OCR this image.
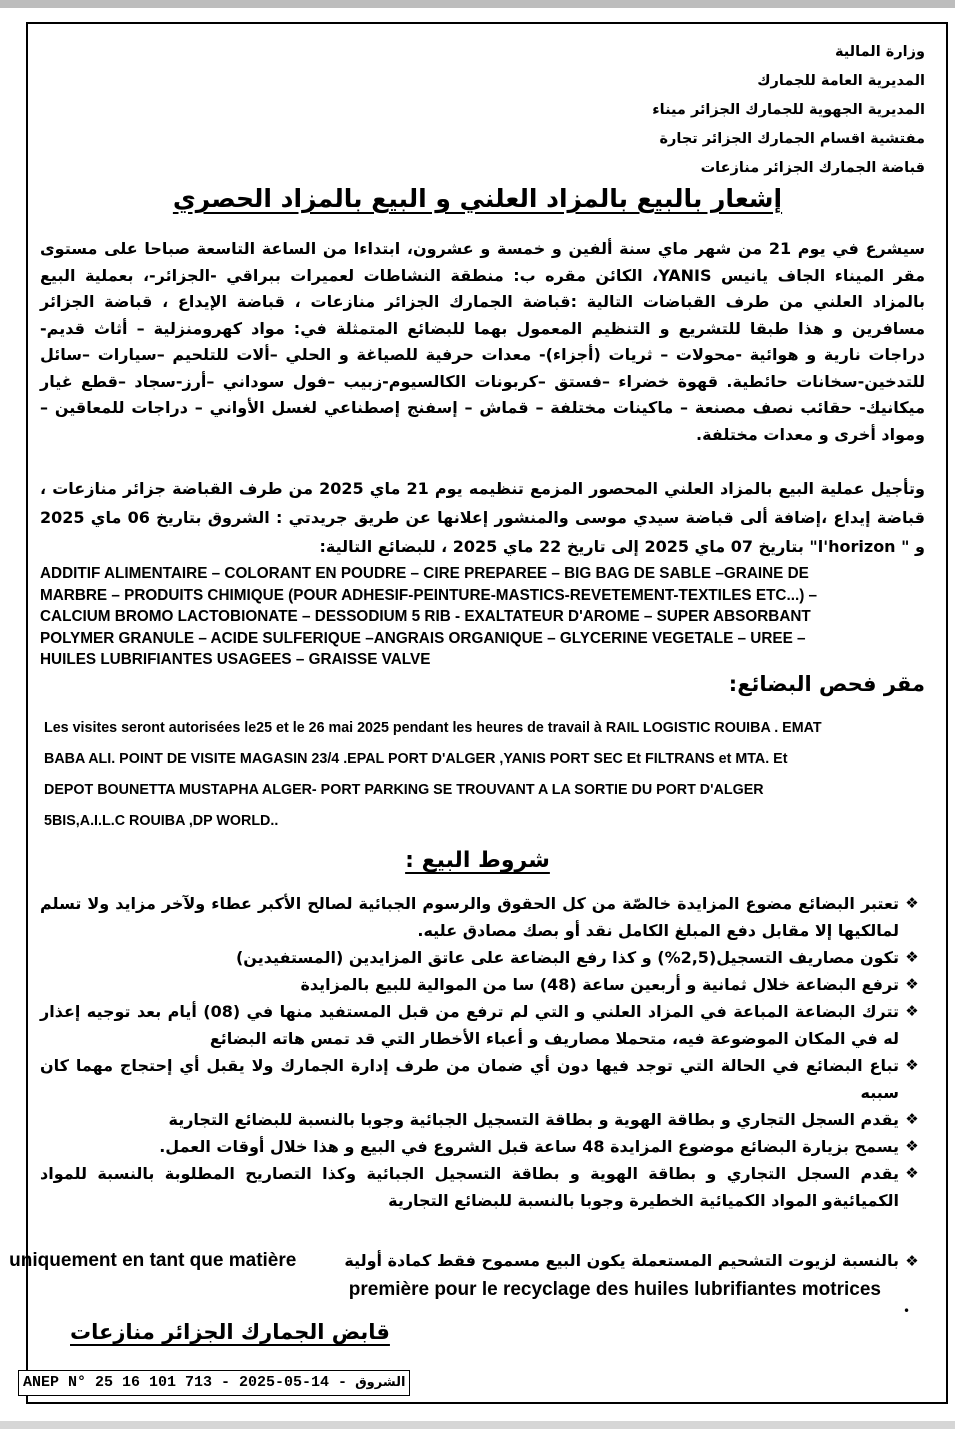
وزارة المالية
المديرية العامة للجمارك
المديرية الجهوية للجمارك الجزائر ميناء
مفتشية اقسام الجمارك الجزائر تجارة
قباضة الجمارك الجزائر منازعات
إشعار بالبيع بالمزاد العلني و البيع بالمزاد الحصري
سيشرع في يوم 21 من شهر ماي سنة ألفين و خمسة و عشرون، ابتداءا من الساعة التاسعة صباحا على مستوى مقر الميناء الجاف يانيس YANIS، الكائن مقره ب: منطقة النشاطات لعميرات ببراقي -الجزائر-، بعملية البيع بالمزاد العلني من طرف القباضات التالية :قباضة الجمارك الجزائر منازعات ، قباضة الإيداع ، قباضة الجزائر مسافرين و هذا طبقا للتشريع و التنظيم المعمول بهما للبضائع المتمثلة في: مواد كهرومنزلية – أثاث قديم- دراجات نارية و هوائية -محولات – ثريات (أجزاء)- معدات حرفية للصياغة و الحلي –ألات للتلحيم –سيارات –سائل للتدخين-سخانات حائطية. قهوة خضراء –فستق –كربونات الكالسيوم-زبيب –فول سوداني –أرز-سجاد –قطع غيار ميكانيك- حقائب نصف مصنعة – ماكينات مختلفة – قماش – إسفنج إصطناعي لغسل الأواني – دراجات للمعاقين – ومواد أخرى و معدات مختلفة.
وتأجيل عملية البيع بالمزاد العلني المحصور المزمع تنظيمه يوم 21 ماي 2025 من طرف القباضة جزائر منازعات ، قباضة إيداع ،إضافة ألى قباضة سيدي موسى والمنشور إعلانها عن طريق جريدتي : الشروق بتاريخ 06 ماي 2025 و " l'horizon" بتاريخ 07 ماي 2025 إلى تاريخ 22 ماي 2025 ، للبضائع التالية:
ADDITIF ALIMENTAIRE – COLORANT EN POUDRE – CIRE PREPAREE – BIG BAG DE SABLE –GRAINE DE
MARBRE – PRODUITS CHIMIQUE (POUR ADHESIF-PEINTURE-MASTICS-REVETEMENT-TEXTILES ETC...) –
CALCIUM BROMO LACTOBIONATE – DESSODIUM 5 RIB - EXALTATEUR D'AROME – SUPER ABSORBANT
POLYMER GRANULE – ACIDE SULFERIQUE –ANGRAIS ORGANIQUE – GLYCERINE VEGETALE – UREE –
HUILES LUBRIFIANTES USAGEES – GRAISSE VALVE
مقر فحص البضائع:
Les visites seront autorisées le25 et le 26 mai 2025 pendant les heures de travail à RAIL LOGISTIC ROUIBA . EMAT
BABA ALI. POINT DE VISITE MAGASIN 23/4 .EPAL PORT D'ALGER ,YANIS PORT SEC Et FILTRANS et MTA. Et
DEPOT BOUNETTA MUSTAPHA ALGER- PORT PARKING SE TROUVANT A LA SORTIE DU PORT D'ALGER
5BIS,A.I.L.C ROUIBA ,DP WORLD..
شروط البيع :
❖
تعتبر البضائع مضوع المزايدة خالصّة من كل الحقوق والرسوم الجبائية لصالح الأكبر عطاء ولآخر مزايد ولا تسلم لمالكيها إلا مقابل دفع المبلغ الكامل نقد أو بصك مصادق عليه.
❖
تكون مصاريف التسجيل(2,5%) و كذا رفع البضاعة على عاتق المزايدين (المستفيدين)
❖
ترفع البضاعة خلال ثمانية و أربعين ساعة (48) سا من الموالية للبيع بالمزايدة
❖
تترك البضاعة المباعة في المزاد العلني و التي لم ترفع من قبل المستفيد منها في (08) أيام بعد توجيه إعذار له في المكان الموضوعة فيه، متحملا مصاريف و أعباء الأخطار التي قد تمس هاته البضائع
❖
تباع البضائع في الحالة التي توجد فيها دون أي ضمان من طرف إدارة الجمارك ولا يقبل أي إحتجاج مهما كان سببه
❖
يقدم السجل التجاري و بطاقة الهوية و بطاقة التسجيل الجبائية وجوبا بالنسبة للبضائع التجارية
❖
يسمح بزيارة البضائع موضوع المزايدة 48 ساعة قبل الشروع في البيع و هذا خلال أوقات العمل.
❖
يقدم السجل التجاري و بطاقة الهوية و بطاقة التسجيل الجبائية وكذا التصاريح المطلوبة بالنسبة للمواد الكميائيةو المواد الكميائية الخطيرة وجوبا بالنسبة للبضائع التجارية
❖
بالنسبة لزيوت التشحيم المستعملة يكون البيع مسموح فقط كمادة أولية
uniquement en tant que matière
première pour le recyclage des huiles lubrifiantes motrices
•
قابض الجمارك الجزائر منازعات
ANEP N° 25 16 101 713 - 2025-05-14 - الشروق
